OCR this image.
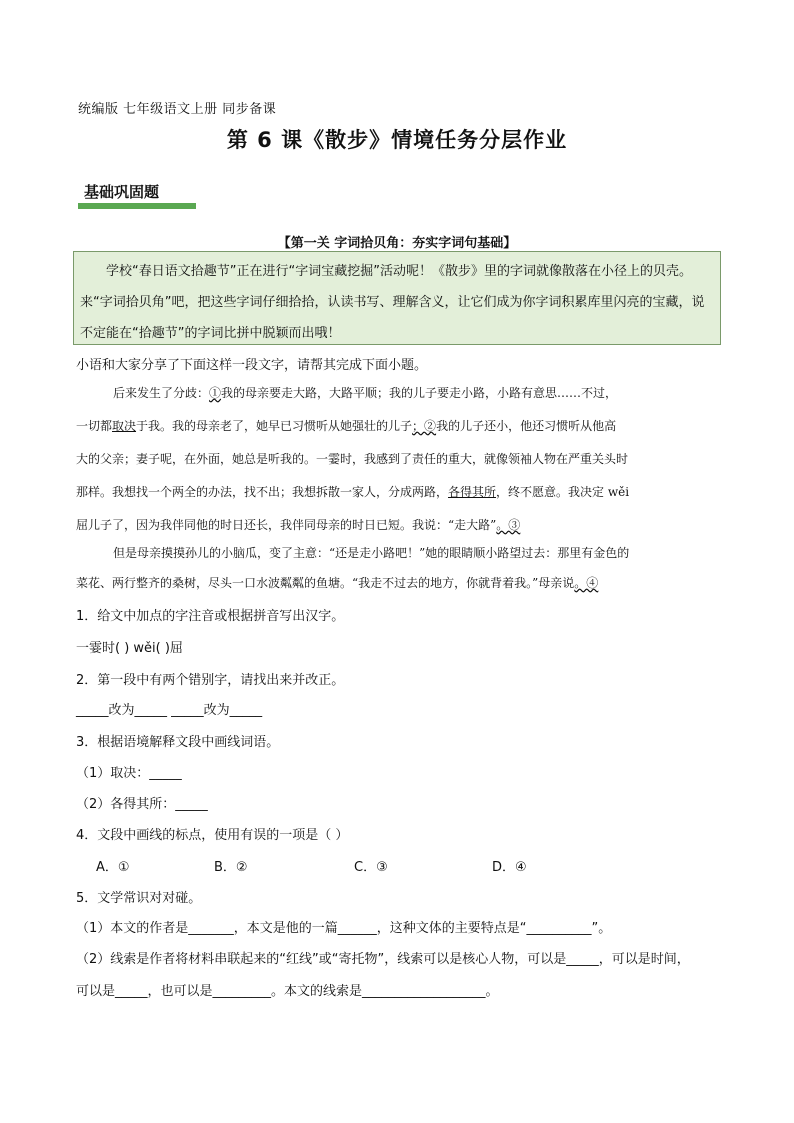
统编版 七年级语文上册 同步备课
第 6 课《散步》情境任务分层作业
基础巩固题
【第一关 字词拾贝角：夯实字词句基础】
学校“春日语文拾趣节”正在进行“字词宝藏挖掘”活动呢！《散步》里的字词就像散落在小径上的贝壳。来“字词拾贝角”吧，把这些字词仔细拾拾，认读书写、理解含义，让它们成为你字词积累库里闪亮的宝藏，说不定能在“拾趣节”的字词比拼中脱颖而出哦！
小语和大家分享了下面这样一段文字，请帮其完成下面小题。
后来发生了分歧：①我的母亲要走大路，大路平顺；我的儿子要走小路，小路有意思……不过，
一切都取决于我。我的母亲老了，她早已习惯听从她强壮的儿子；②我的儿子还小，他还习惯听从他高
大的父亲；妻子呢，在外面，她总是听我的。一霎时，我感到了责任的重大，就像领袖人物在严重关头时
那样。我想找一个两全的办法，找不出；我想拆散一家人，分成两路，各得其所，终不愿意。我决定 wěi
屈儿子了，因为我伴同他的时日还长，我伴同母亲的时日已短。我说：“走大路”。③
但是母亲摸摸孙儿的小脑瓜，变了主意：“还是走小路吧！”她的眼睛顺小路望过去：那里有金色的
菜花、两行整齐的桑树，尽头一口水波粼粼的鱼塘。“我走不过去的地方，你就背着我。”母亲说。④
1．给文中加点的字注音或根据拼音写出汉字。
一霎时( ) wěi( )屈
2．第一段中有两个错别字，请找出来并改正。
_____改为_____ _____改为_____
3．根据语境解释文段中画线词语。
（1）取决：_____
（2）各得其所：_____
4．文段中画线的标点，使用有误的一项是（ ）
A．①	B．②	C．③	D．④
5．文学常识对对碰。
（1）本文的作者是_______，本文是他的一篇______，这种文体的主要特点是“__________”。
（2）线索是作者将材料串联起来的“红线”或“寄托物”，线索可以是核心人物，可以是_____，可以是时间，
可以是_____，也可以是_________。本文的线索是___________________。
